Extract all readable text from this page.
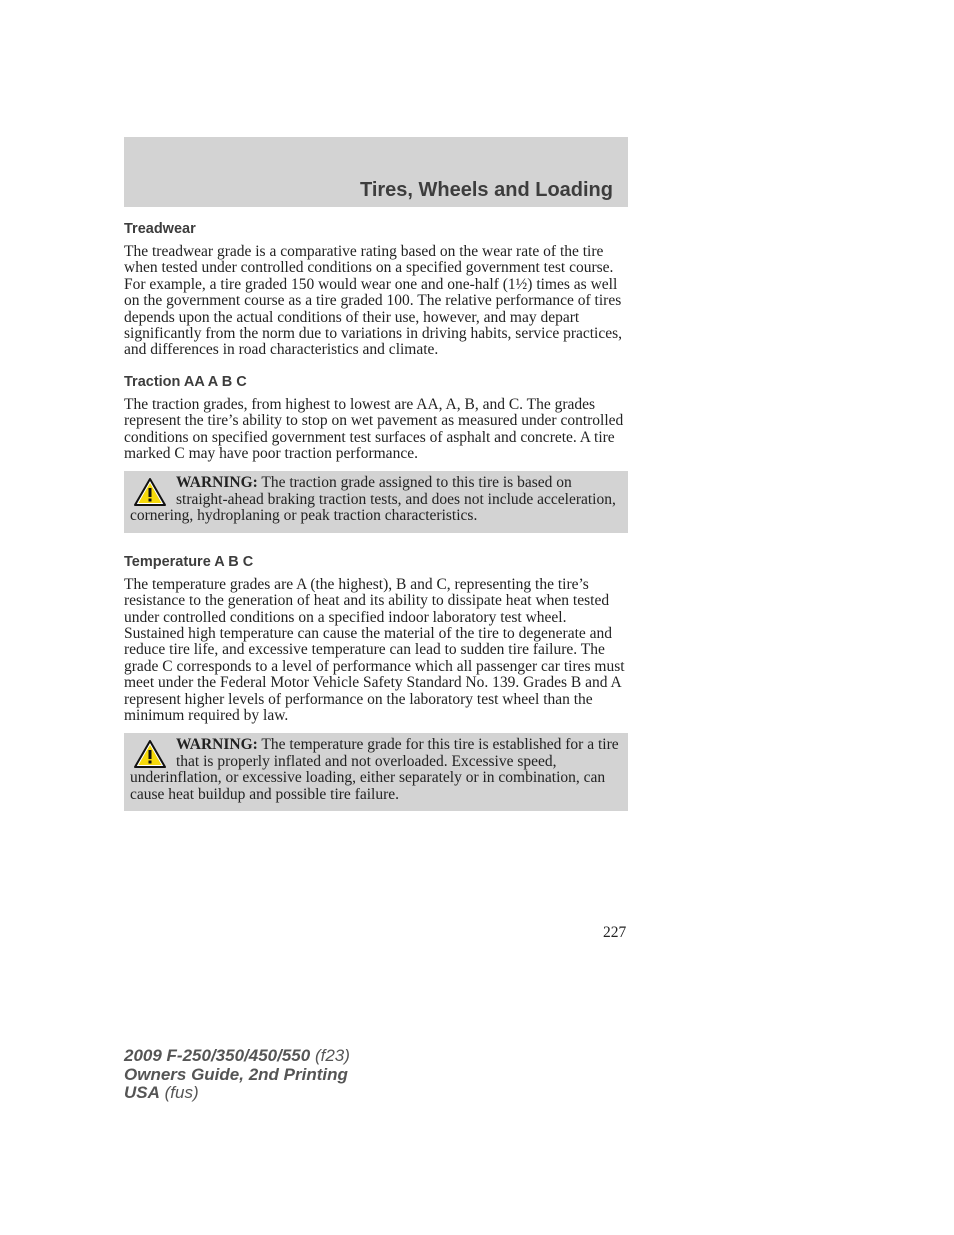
Tires, Wheels and Loading
Treadwear

The treadwear grade is a comparative rating based on the wear rate of the tire when tested under controlled conditions on a specified government test course. For example, a tire graded 150 would wear one and one-half (1½) times as well on the government course as a tire graded 100. The relative performance of tires depends upon the actual conditions of their use, however, and may depart significantly from the norm due to variations in driving habits, service practices, and differences in road characteristics and climate.

Traction AA A B C

The traction grades, from highest to lowest are AA, A, B, and C. The grades represent the tire’s ability to stop on wet pavement as measured under controlled conditions on specified government test surfaces of asphalt and concrete. A tire marked C may have poor traction performance.

WARNING: The traction grade assigned to this tire is based on straight-ahead braking traction tests, and does not include acceleration, cornering, hydroplaning or peak traction characteristics.
Temperature A B C

The temperature grades are A (the highest), B and C, representing the tire’s resistance to the generation of heat and its ability to dissipate heat when tested under controlled conditions on a specified indoor laboratory test wheel. Sustained high temperature can cause the material of the tire to degenerate and reduce tire life, and excessive temperature can lead to sudden tire failure. The grade C corresponds to a level of performance which all passenger car tires must meet under the Federal Motor Vehicle Safety Standard No. 139. Grades B and A represent higher levels of performance on the laboratory test wheel than the minimum required by law.

WARNING: The temperature grade for this tire is established for a tire that is properly inflated and not overloaded. Excessive speed, underinflation, or excessive loading, either separately or in combination, can cause heat buildup and possible tire failure.
227
2009 F-250/350/450/550 (f23)
Owners Guide, 2nd Printing
USA (fus)
